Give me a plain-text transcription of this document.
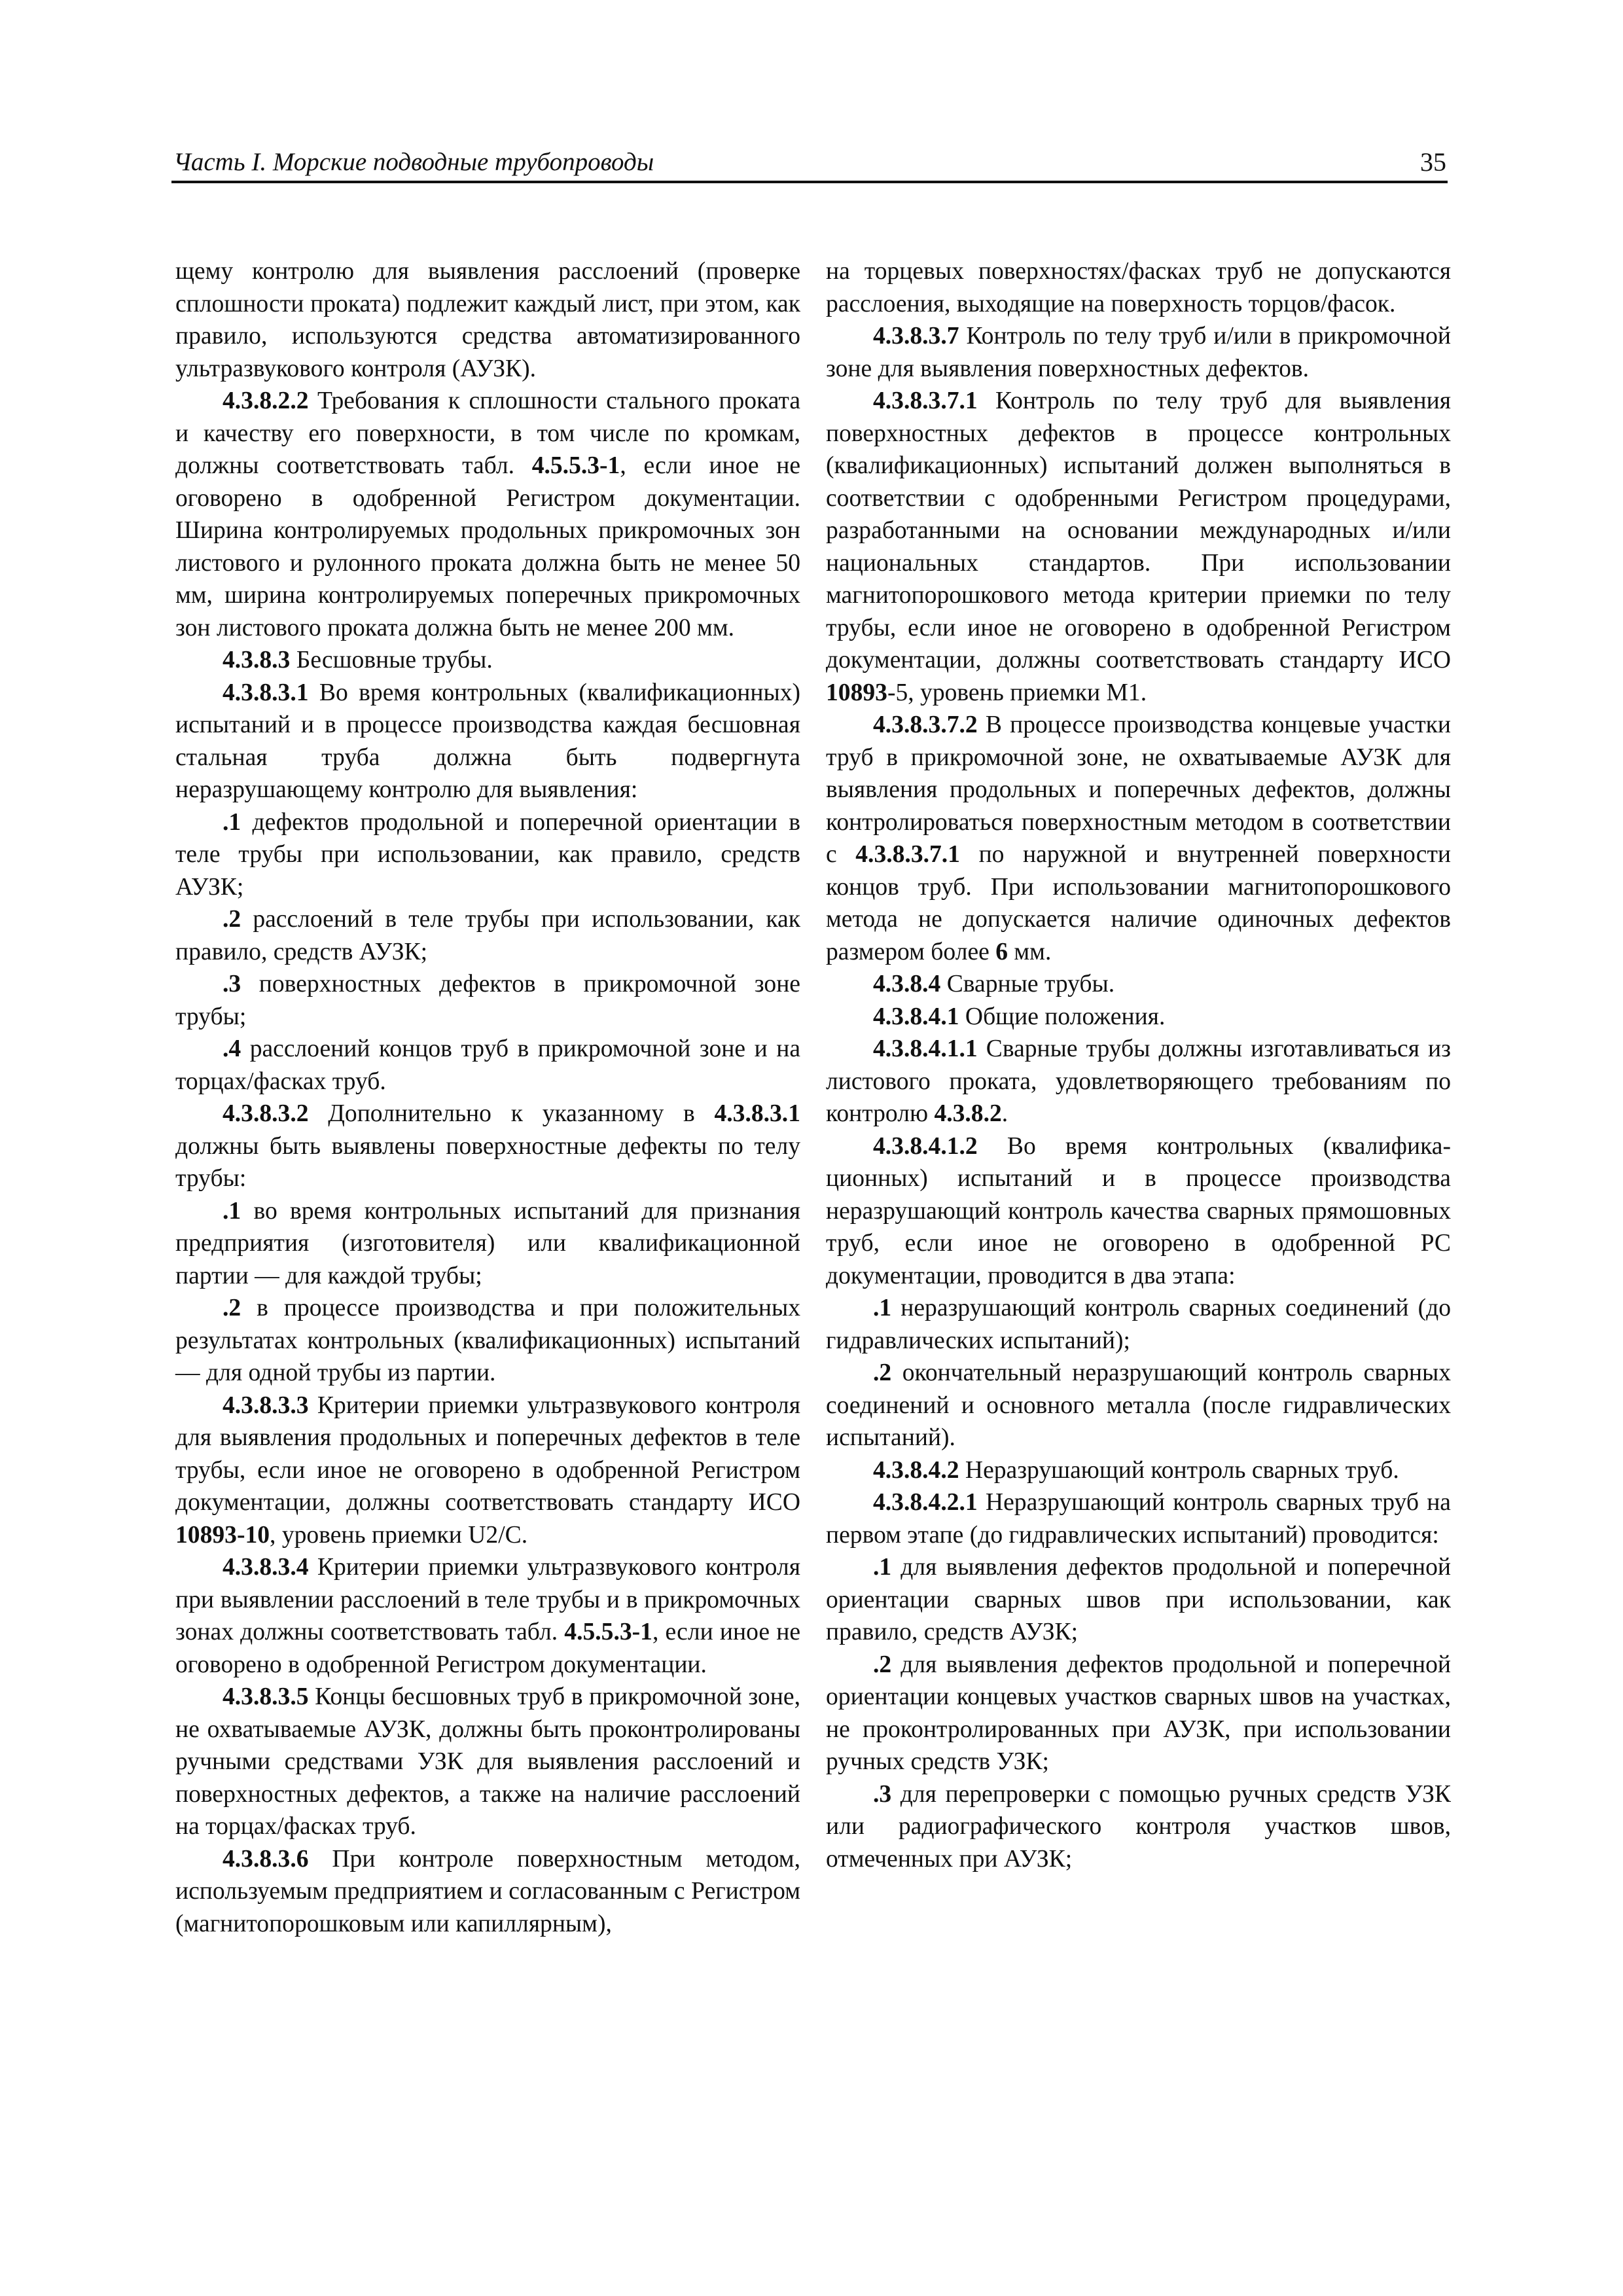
Часть I. Морские подводные трубопроводы	35

щему контролю для выявления расслоений (проверке сплошности проката) подлежит каждый лист, при этом, как правило, используются средства автоматизированного ультразвукового контроля (АУЗК).

4.3.8.2.2 Требования к сплошности стального проката и качеству его поверхности, в том числе по кромкам, должны соответствовать табл. 4.5.5.3-1, если иное не оговорено в одобренной Регистром документации. Ширина контролируемых продольных прикромочных зон листового и рулонного проката должна быть не менее 50 мм, ширина контролируемых поперечных прикромочных зон листового проката должна быть не менее 200 мм.

4.3.8.3 Бесшовные трубы.

4.3.8.3.1 Во время контрольных (квалификационных) испытаний и в процессе производства каждая бесшовная стальная труба должна быть подвергнута неразрушающему контролю для выявления:

.1 дефектов продольной и поперечной ориентации в теле трубы при использовании, как правило, средств АУЗК;

.2 расслоений в теле трубы при использовании, как правило, средств АУЗК;

.3 поверхностных дефектов в прикромочной зоне трубы;

.4 расслоений концов труб в прикромочной зоне и на торцах/фасках труб.

4.3.8.3.2 Дополнительно к указанному в 4.3.8.3.1 должны быть выявлены поверхностные дефекты по телу трубы:

.1 во время контрольных испытаний для признания предприятия (изготовителя) или квалификационной партии — для каждой трубы;

.2 в процессе производства и при положительных результатах контрольных (квалификационных) испытаний — для одной трубы из партии.

4.3.8.3.3 Критерии приемки ультразвукового контроля для выявления продольных и поперечных дефектов в теле трубы, если иное не оговорено в одобренной Регистром документации, должны соответствовать стандарту ИСО 10893-10, уровень приемки U2/C.

4.3.8.3.4 Критерии приемки ультразвукового контроля при выявлении расслоений в теле трубы и в прикромочных зонах должны соответствовать табл. 4.5.5.3-1, если иное не оговорено в одобренной Регистром документации.

4.3.8.3.5 Концы бесшовных труб в прикромочной зоне, не охватываемые АУЗК, должны быть проконтролированы ручными средствами УЗК для выявления расслоений и поверхностных дефектов, а также на наличие расслоений на торцах/фасках труб.

4.3.8.3.6 При контроле поверхностным методом, используемым предприятием и согласованным с Регистром (магнитопорошковым или капиллярным),

на торцевых поверхностях/фасках труб не допускаются расслоения, выходящие на поверхность торцов/фасок.

4.3.8.3.7 Контроль по телу труб и/или в прикромочной зоне для выявления поверхностных дефектов.

4.3.8.3.7.1 Контроль по телу труб для выявления поверхностных дефектов в процессе контрольных (квалификационных) испытаний должен выполняться в соответствии с одобренными Регистром процедурами, разработанными на основании международных и/или национальных стандартов. При использовании магнитопорошкового метода критерии приемки по телу трубы, если иное не оговорено в одобренной Регистром документации, должны соответствовать стандарту ИСО 10893-5, уровень приемки M1.

4.3.8.3.7.2 В процессе производства концевые участки труб в прикромочной зоне, не охватываемые АУЗК для выявления продольных и поперечных дефектов, должны контролироваться поверхностным методом в соответствии с 4.3.8.3.7.1 по наружной и внутренней поверхности концов труб. При использовании магнитопорошкового метода не допускается наличие одиночных дефектов размером более 6 мм.

4.3.8.4 Сварные трубы.

4.3.8.4.1 Общие положения.

4.3.8.4.1.1 Сварные трубы должны изготавливаться из листового проката, удовлетворяющего требованиям по контролю 4.3.8.2.

4.3.8.4.1.2 Во время контрольных (квалификационных) испытаний и в процессе производства неразрушающий контроль качества сварных прямошовных труб, если иное не оговорено в одобренной РС документации, проводится в два этапа:

.1 неразрушающий контроль сварных соединений (до гидравлических испытаний);

.2 окончательный неразрушающий контроль сварных соединений и основного металла (после гидравлических испытаний).

4.3.8.4.2 Неразрушающий контроль сварных труб.

4.3.8.4.2.1 Неразрушающий контроль сварных труб на первом этапе (до гидравлических испытаний) проводится:

.1 для выявления дефектов продольной и поперечной ориентации сварных швов при использовании, как правило, средств АУЗК;

.2 для выявления дефектов продольной и поперечной ориентации концевых участков сварных швов на участках, не проконтролированных при АУЗК, при использовании ручных средств УЗК;

.3 для перепроверки с помощью ручных средств УЗК или радиографического контроля участков швов, отмеченных при АУЗК;
